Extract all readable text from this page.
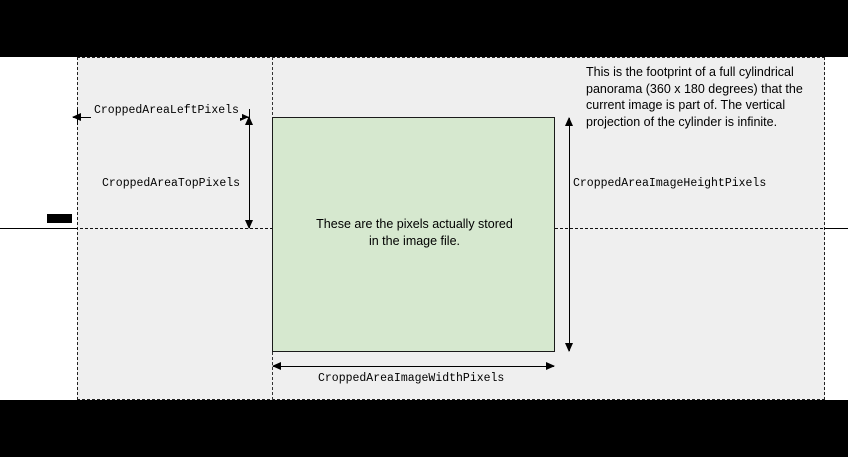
These are the pixels actually stored
in the image file.
CroppedAreaLeftPixels
CroppedAreaTopPixels	CroppedAreaImageHeightPixels
CroppedAreaImageWidthPixels
This is the footprint of a full cylindrical panorama (360 x 180 degrees) that the current image is part of. The vertical projection of the cylinder is infinite.
